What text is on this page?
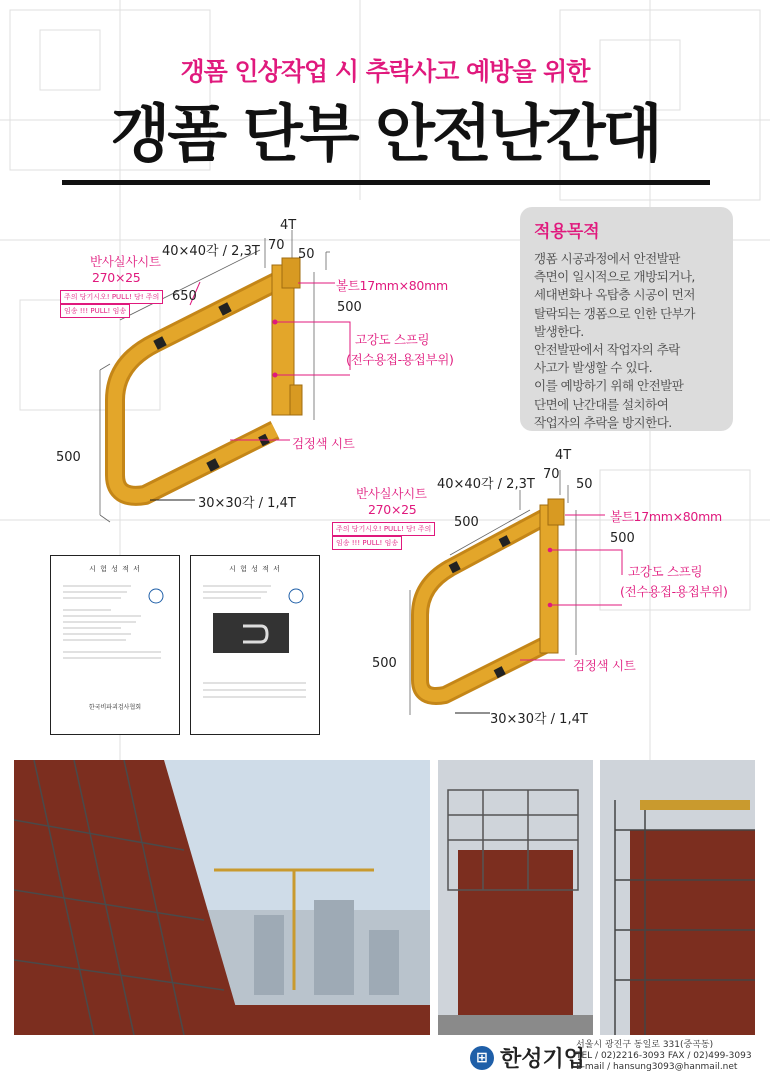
갱폼 인상작업 시 추락사고 예방을 위한
갱폼 단부 안전난간대
적용목적

갱폼 시공과정에서 안전발판
측면이 일시적으로 개방되거나,
세대변화나 옥탑층 시공이 먼저
탈락되는 갱폼으로 인한 단부가
발생한다.
안전발판에서 작업자의 추락
사고가 발생할 수 있다.
이를 예방하기 위해 안전발판
단면에 난간대를 설치하여
작업자의 추락을 방지한다.

4T
40×40각 / 2,3T 70
50
반사실사시트
270×25
주의 당기시오! PULL! 당! 주의
임송 !!! PULL! 임송
650
볼트17mm×80mm
500
고강도 스프링
(전수용접-용접부위)
검정색 시트
500
30×30각 / 1,4T
4T
70
40×40각 / 2,3T	50
반사실사시트
270×25	볼트17mm×80mm
500
주의 당기시오! PULL! 당! 주의
500
임송 !!! PULL! 임송
고강도 스프링
(전수용접-용접부위)
500	검정색 시트
30×30각 / 1,4T
시 험 성 적 서
한국비파괴검사협회
시 험 성 적 서
⊞ 한성기업
서울시 광진구 동일로 331(중곡동)
TEL / 02)2216-3093 FAX / 02)499-3093
E-mail / hansung3093@hanmail.net
